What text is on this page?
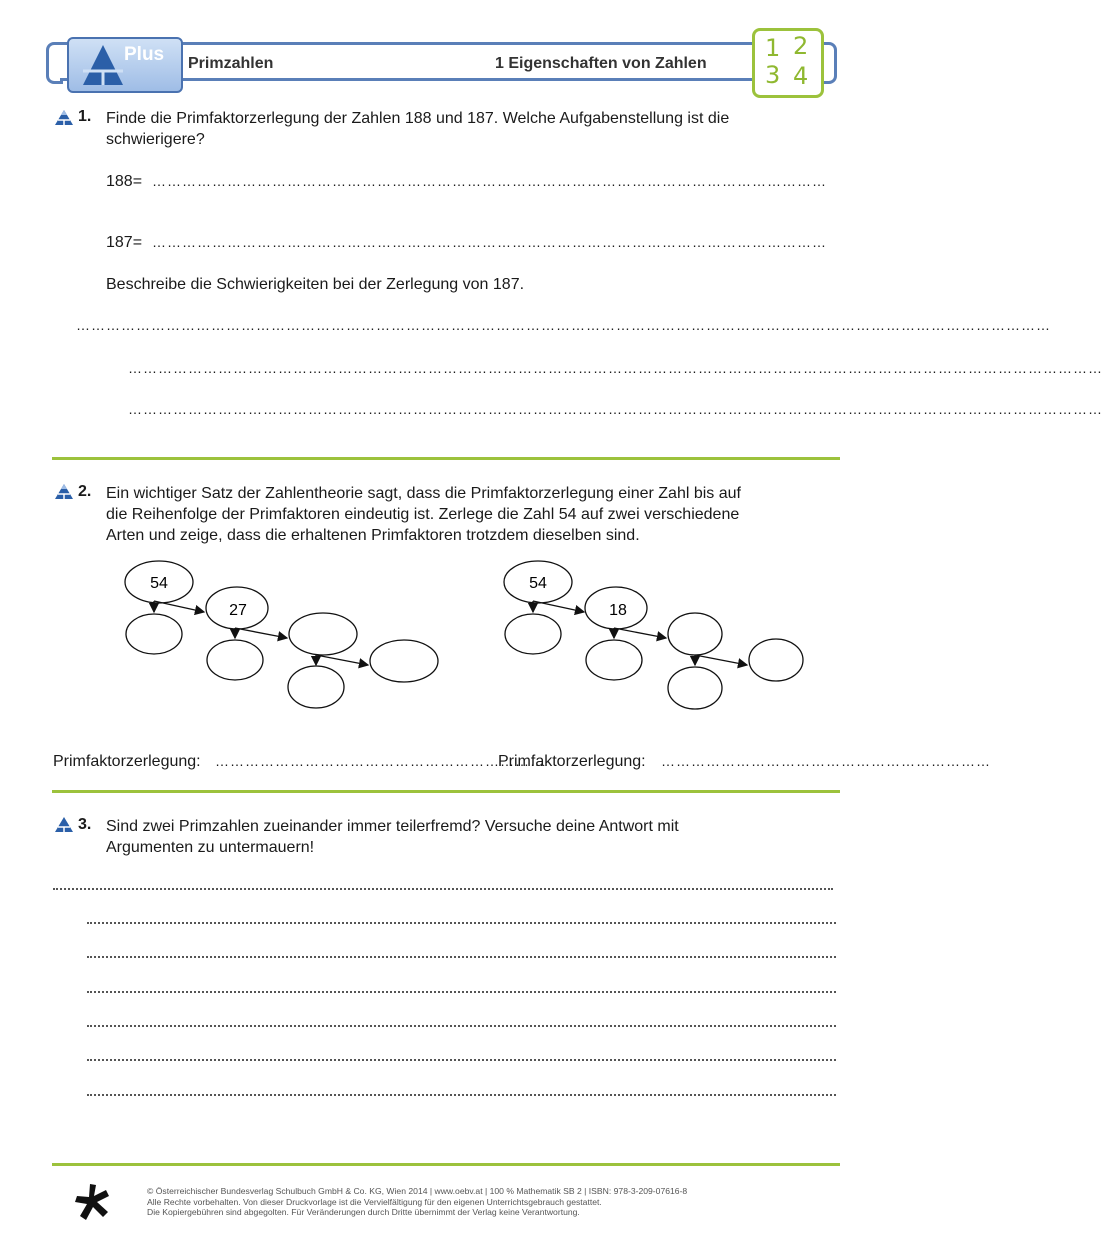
Plus Primzahlen	1 Eigenschaften von Zahlen
1 2
3 4
1. Finde die Primfaktorzerlegung der Zahlen 188 und 187. Welche Aufgabenstellung ist die
schwierigere?
188= ………………………………………………………………………………………………………………………
187= ………………………………………………………………………………………………………………………
Beschreibe die Schwierigkeiten bei der Zerlegung von 187.
……………………………………………………………………………………………………………………………………………………………………………
……………………………………………………………………………………………………………………………………………………………………………
……………………………………………………………………………………………………………………………………………………………………………
2. Ein wichtiger Satz der Zahlentheorie sagt, dass die Primfaktorzerlegung einer Zahl bis auf
die Reihenfolge der Primfaktoren eindeutig ist. Zerlege die Zahl 54 auf zwei verschiedene
Arten und zeige, dass die erhaltenen Primfaktoren trotzdem dieselben sind.
54
27
54
18
Primfaktorzerlegung: …………………………………………………………
Primfaktorzerlegung: …………………………………………………………
3. Sind zwei Primzahlen zueinander immer teilerfremd? Versuche deine Antwort mit
Argumenten zu untermauern!
© Österreichischer Bundesverlag Schulbuch GmbH & Co. KG, Wien 2014 | www.oebv.at | 100 % Mathematik SB 2 | ISBN: 978-3-209-07616-8
Alle Rechte vorbehalten. Von dieser Druckvorlage ist die Vervielfältigung für den eigenen Unterrichtsgebrauch gestattet.
Die Kopiergebühren sind abgegolten. Für Veränderungen durch Dritte übernimmt der Verlag keine Verantwortung.
